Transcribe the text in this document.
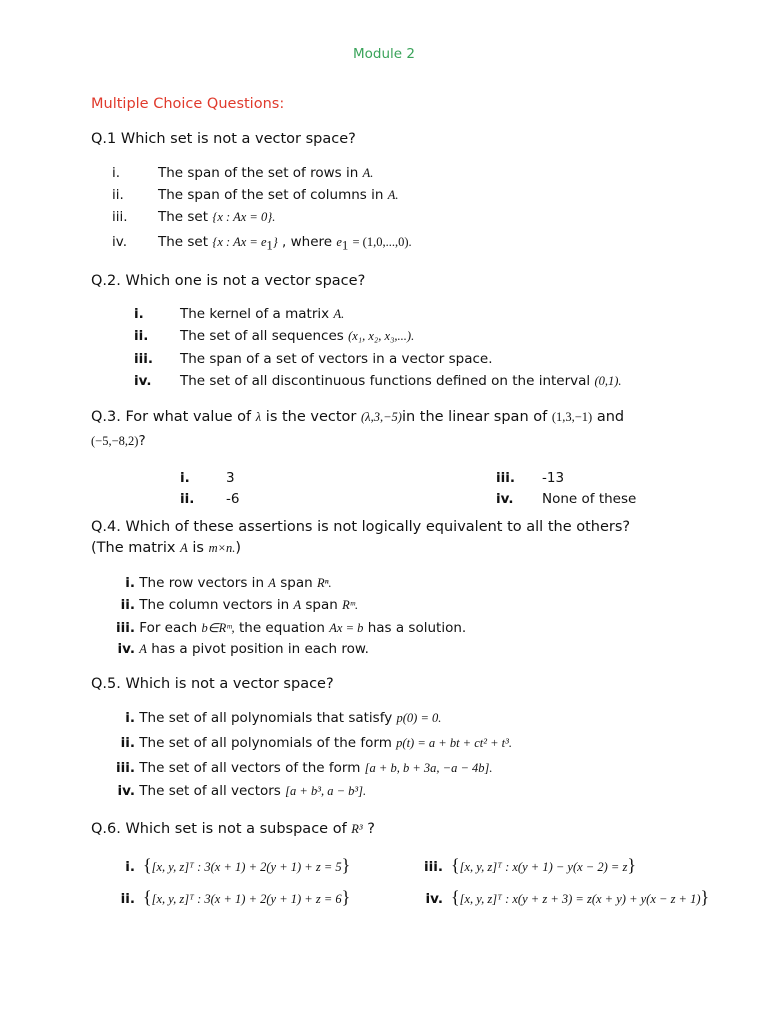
Module 2
Multiple Choice Questions:
Q.1 Which set is not a vector space?
i.	The span of the set of rows in A.
ii.	The span of the set of columns in A.
iii. The set {x : Ax = 0}.
iv. The set {x : $Ax = e_1$} , where $e_1 = (1,0,...,0)$.
Q.2. Which one is not a vector space?
i.	The kernel of a matrix A.
ii. The set of all sequences (x₁, x₂, x₃,...).
iii. The span of a set of vectors in a vector space.
iv. The set of all discontinuous functions defined on the interval (0,1).
Q.3. For what value of λ is the vector (λ,3,−5)in the linear span of (1,3,−1) and
(−5,−8,2)?
i.	3
ii. -6
iii. -13
iv. None of these
Q.4. Which of these assertions is not logically equivalent to all the others?
(The matrix A is m×n.)
i. The row vectors in A span Rⁿ.
ii. The column vectors in A span Rᵐ.
iii. For each b∈Rᵐ, the equation Ax = b has a solution.
iv. A has a pivot position in each row.
Q.5. Which is not a vector space?
i. The set of all polynomials that satisfy p(0) = 0.
ii. The set of all polynomials of the form p(t) = a + bt + ct² + t³.
iii. The set of all vectors of the form [a + b, b + 3a, −a − 4b].
iv. The set of all vectors [a + b³, a − b³].
Q.6. Which set is not a subspace of R³ ?
i. {[x, y, z]ᵀ : 3(x + 1) + 2(y + 1) + z = 5}
ii. {[x, y, z]ᵀ : 3(x + 1) + 2(y + 1) + z = 6}
iii. {[x, y, z]ᵀ : x(y + 1) − y(x − 2) = z}
iv. {[x, y, z]ᵀ : x(y + z + 3) = z(x + y) + y(x − z + 1)}
